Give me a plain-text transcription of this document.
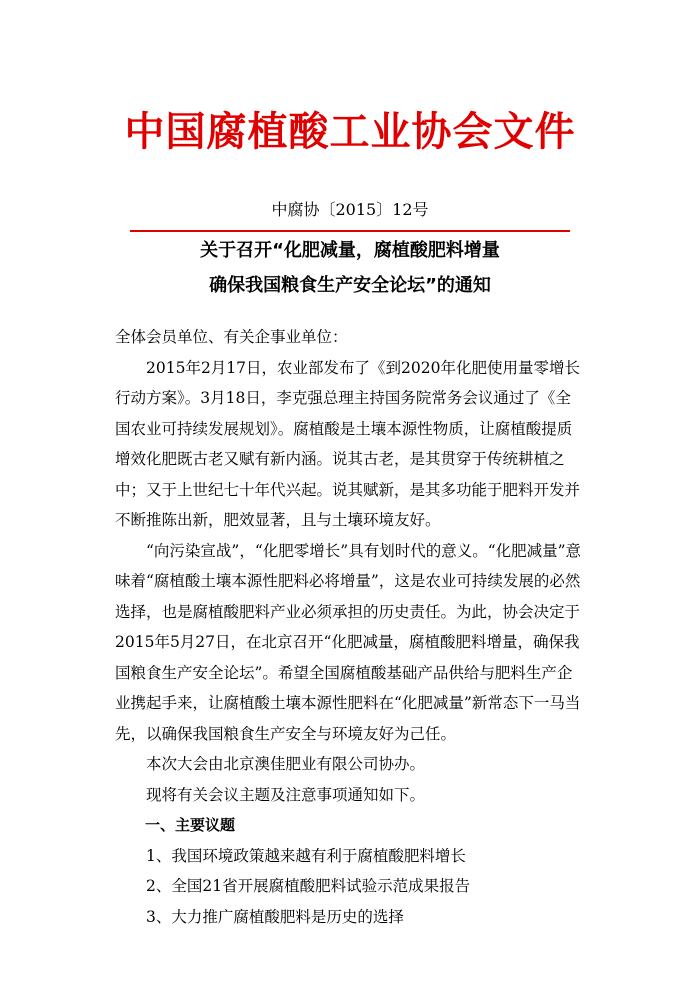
中国腐植酸工业协会文件
中腐协〔2015〕12号
关于召开“化肥减量，腐植酸肥料增量
确保我国粮食生产安全论坛”的通知

全体会员单位、有关企事业单位：

2015年2月17日，农业部发布了《到2020年化肥使用量零增长行动方案》。3月18日，李克强总理主持国务院常务会议通过了《全国农业可持续发展规划》。腐植酸是土壤本源性物质，让腐植酸提质增效化肥既古老又赋有新内涵。说其古老，是其贯穿于传统耕植之中；又于上世纪七十年代兴起。说其赋新，是其多功能于肥料开发并不断推陈出新，肥效显著，且与土壤环境友好。

“向污染宣战”，“化肥零增长”具有划时代的意义。“化肥减量”意味着“腐植酸土壤本源性肥料必将增量”，这是农业可持续发展的必然选择，也是腐植酸肥料产业必须承担的历史责任。为此，协会决定于2015年5月27日，在北京召开“化肥减量，腐植酸肥料增量，确保我国粮食生产安全论坛”。希望全国腐植酸基础产品供给与肥料生产企业携起手来，让腐植酸土壤本源性肥料在“化肥减量”新常态下一马当先，以确保我国粮食生产安全与环境友好为己任。

本次大会由北京澳佳肥业有限公司协办。

现将有关会议主题及注意事项通知如下。

一、主要议题

1、我国环境政策越来越有利于腐植酸肥料增长

2、全国21省开展腐植酸肥料试验示范成果报告

3、大力推广腐植酸肥料是历史的选择
